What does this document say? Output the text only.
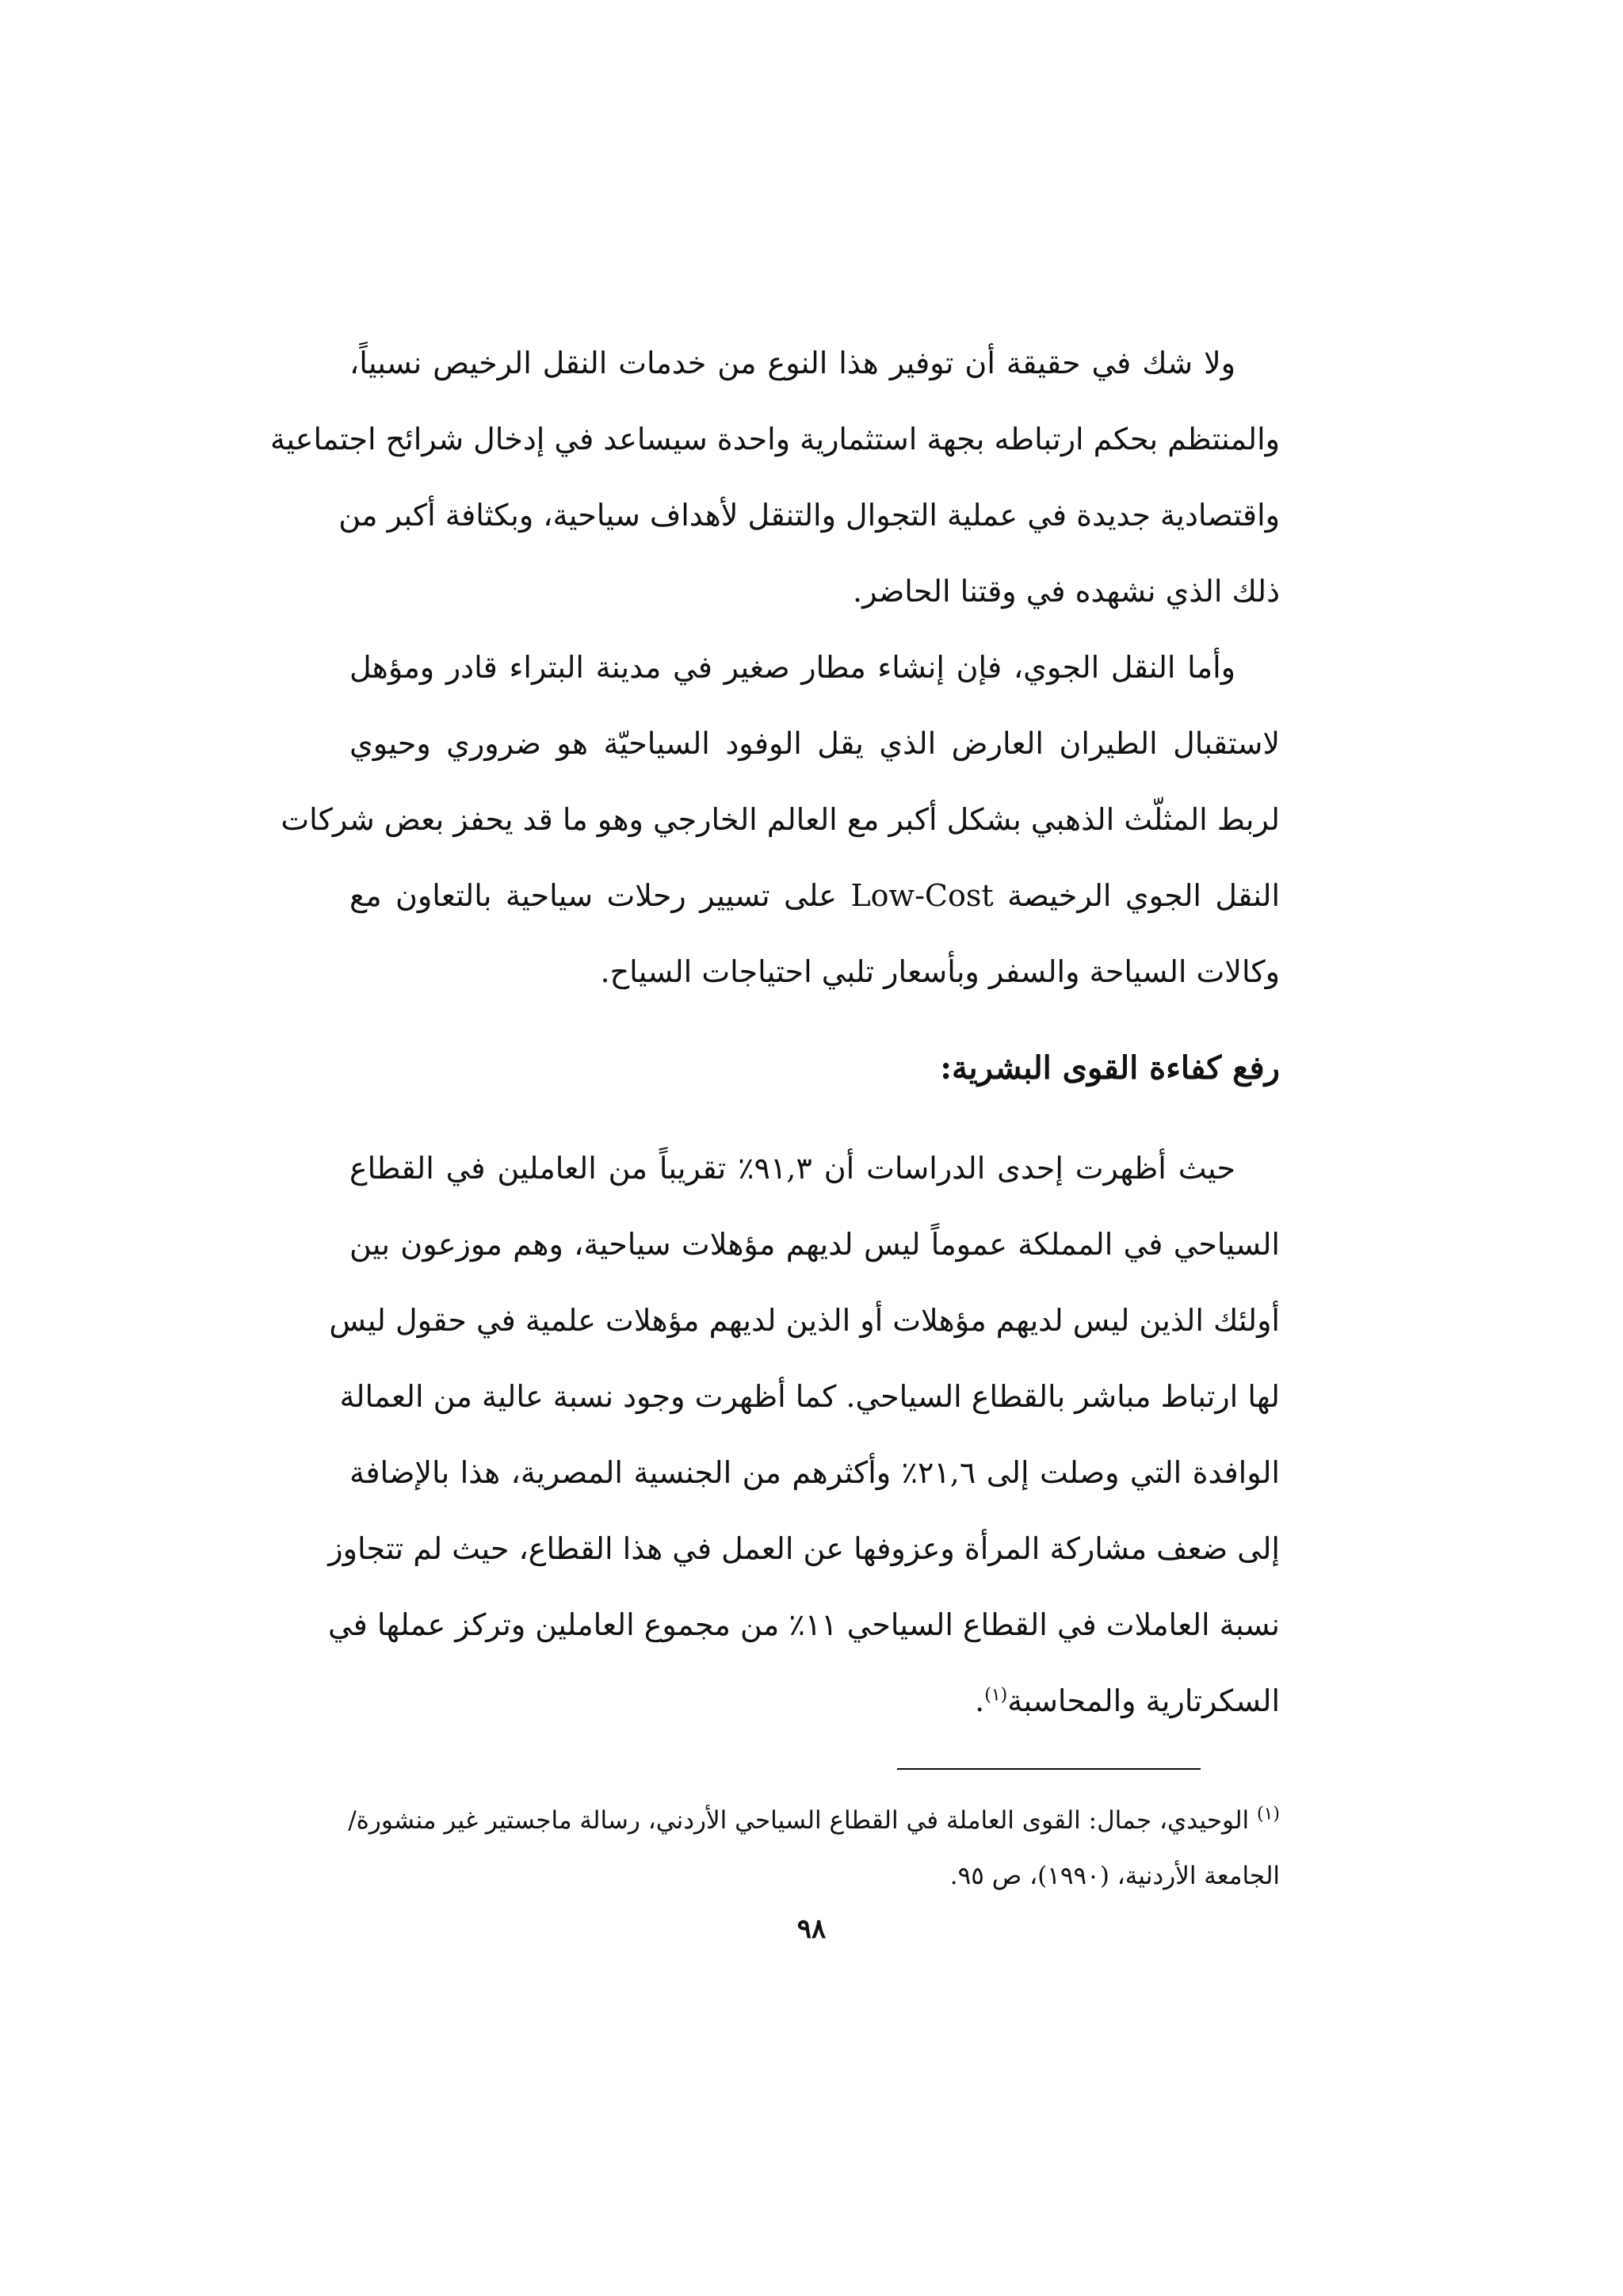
ولا شك في حقيقة أن توفير هذا النوع من خدمات النقل الرخيص نسبياً،
والمنتظم بحكم ارتباطه بجهة استثمارية واحدة سيساعد في إدخال شرائح اجتماعية
واقتصادية جديدة في عملية التجوال والتنقل لأهداف سياحية، وبكثافة أكبر من
ذلك الذي نشهده في وقتنا الحاضر.
وأما النقل الجوي، فإن إنشاء مطار صغير في مدينة البتراء قادر ومؤهل
لاستقبال الطيران العارض الذي يقل الوفود السياحيّة هو ضروري وحيوي
لربط المثلّث الذهبي بشكل أكبر مع العالم الخارجي وهو ما قد يحفز بعض شركات
النقل الجوي الرخيصة Low-Cost على تسيير رحلات سياحية بالتعاون مع
وكالات السياحة والسفر وبأسعار تلبي احتياجات السياح.
رفع كفاءة القوى البشرية:
حيث أظهرت إحدى الدراسات أن ٩١,٣٪ تقريباً من العاملين في القطاع
السياحي في المملكة عموماً ليس لديهم مؤهلات سياحية، وهم موزعون بين
أولئك الذين ليس لديهم مؤهلات أو الذين لديهم مؤهلات علمية في حقول ليس
لها ارتباط مباشر بالقطاع السياحي. كما أظهرت وجود نسبة عالية من العمالة
الوافدة التي وصلت إلى ٢١,٦٪ وأكثرهم من الجنسية المصرية، هذا بالإضافة
إلى ضعف مشاركة المرأة وعزوفها عن العمل في هذا القطاع، حيث لم تتجاوز
نسبة العاملات في القطاع السياحي ١١٪ من مجموع العاملين وتركز عملها في
السكرتارية والمحاسبة$^{(١)}$.
$^{(١)}$ الوحيدي، جمال: القوى العاملة في القطاع السياحي الأردني، رسالة ماجستير غير منشورة/
الجامعة الأردنية، (١٩٩٠)، ص ٩٥.
٩٨
